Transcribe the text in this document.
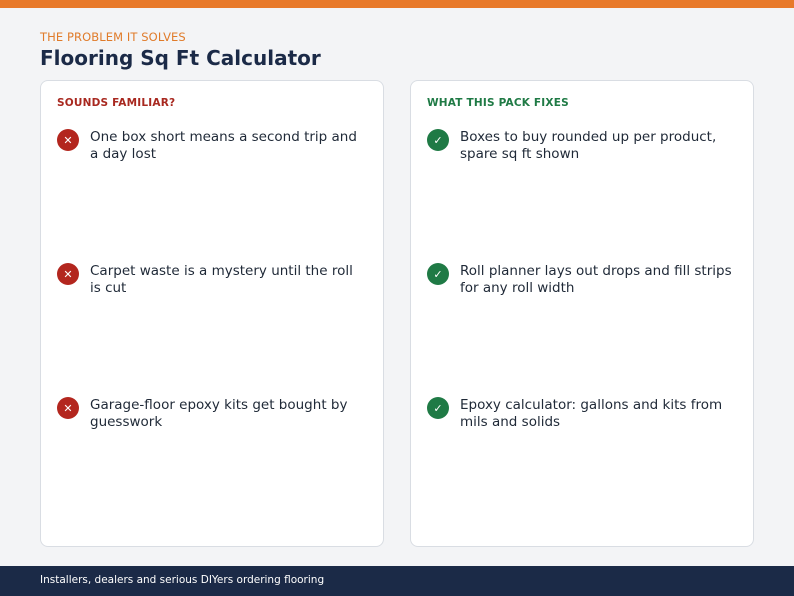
THE PROBLEM IT SOLVES
Flooring Sq Ft Calculator
SOUNDS FAMILIAR?
✕	One box short means a second trip and a day lost
✕	Carpet waste is a mystery until the roll is cut
✕	Garage-floor epoxy kits get bought by guesswork
WHAT THIS PACK FIXES
✓	Boxes to buy rounded up per product, spare sq ft shown
✓	Roll planner lays out drops and fill strips for any roll width
✓	Epoxy calculator: gallons and kits from mils and solids
Installers, dealers and serious DIYers ordering flooring
